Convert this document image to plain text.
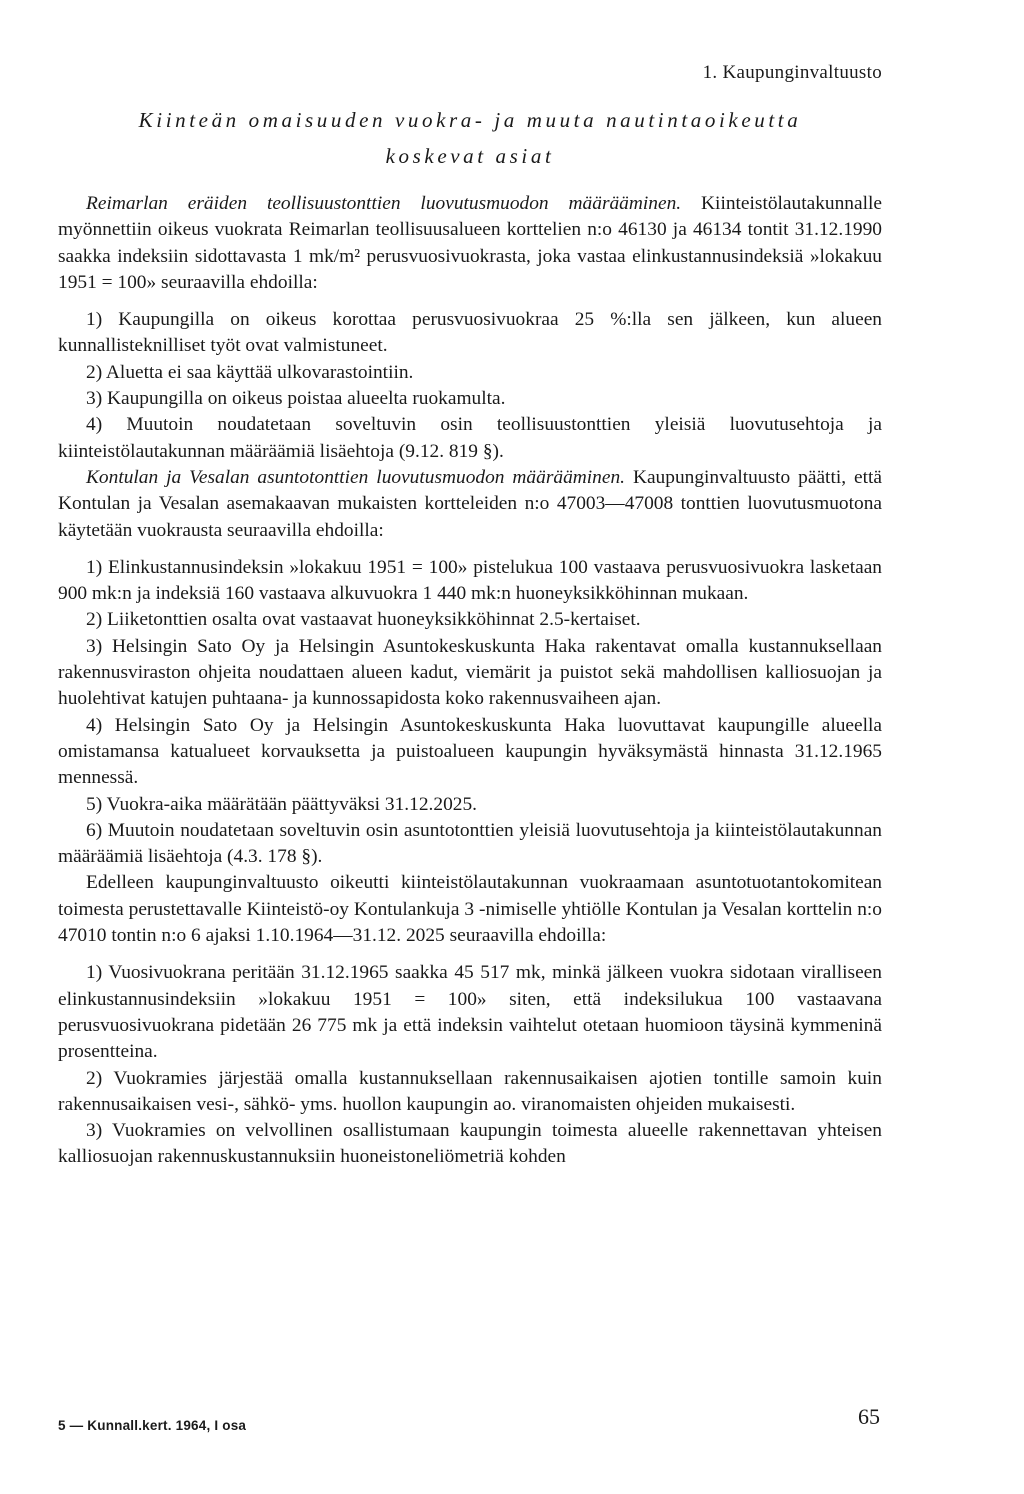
1. Kaupunginvaltuusto
Kiinteän omaisuuden vuokra- ja muuta nautintaoikeutta
koskevat asiat

Reimarlan eräiden teollisuustonttien luovutusmuodon määrääminen. Kiinteistölautakunnalle myönnettiin oikeus vuokrata Reimarlan teollisuusalueen korttelien n:o 46130 ja 46134 tontit 31.12.1990 saakka indeksiin sidottavasta 1 mk/m² perusvuosivuokrasta, joka vastaa elinkustannusindeksiä »lokakuu 1951 = 100» seuraavilla ehdoilla:

1) Kaupungilla on oikeus korottaa perusvuosivuokraa 25 %:lla sen jälkeen, kun alueen kunnallisteknilliset työt ovat valmistuneet.

2) Aluetta ei saa käyttää ulkovarastointiin.

3) Kaupungilla on oikeus poistaa alueelta ruokamulta.

4) Muutoin noudatetaan soveltuvin osin teollisuustonttien yleisiä luovutusehtoja ja kiinteistölautakunnan määräämiä lisäehtoja (9.12. 819 §).

Kontulan ja Vesalan asuntotonttien luovutusmuodon määrääminen. Kaupunginvaltuusto päätti, että Kontulan ja Vesalan asemakaavan mukaisten kortteleiden n:o 47003—47008 tonttien luovutusmuotona käytetään vuokrausta seuraavilla ehdoilla:

1) Elinkustannusindeksin »lokakuu 1951 = 100» pistelukua 100 vastaava perusvuosivuokra lasketaan 900 mk:n ja indeksiä 160 vastaava alkuvuokra 1 440 mk:n huoneyksikköhinnan mukaan.

2) Liiketonttien osalta ovat vastaavat huoneyksikköhinnat 2.5-kertaiset.

3) Helsingin Sato Oy ja Helsingin Asuntokeskuskunta Haka rakentavat omalla kustannuksellaan rakennusviraston ohjeita noudattaen alueen kadut, viemärit ja puistot sekä mahdollisen kalliosuojan ja huolehtivat katujen puhtaana- ja kunnossapidosta koko rakennusvaiheen ajan.

4) Helsingin Sato Oy ja Helsingin Asuntokeskuskunta Haka luovuttavat kaupungille alueella omistamansa katualueet korvauksetta ja puistoalueen kaupungin hyväksymästä hinnasta 31.12.1965 mennessä.

5) Vuokra-aika määrätään päättyväksi 31.12.2025.

6) Muutoin noudatetaan soveltuvin osin asuntotonttien yleisiä luovutusehtoja ja kiinteistölautakunnan määräämiä lisäehtoja (4.3. 178 §).

Edelleen kaupunginvaltuusto oikeutti kiinteistölautakunnan vuokraamaan asuntotuotantokomitean toimesta perustettavalle Kiinteistö-oy Kontulankuja 3 -nimiselle yhtiölle Kontulan ja Vesalan korttelin n:o 47010 tontin n:o 6 ajaksi 1.10.1964—31.12. 2025 seuraavilla ehdoilla:

1) Vuosivuokrana peritään 31.12.1965 saakka 45 517 mk, minkä jälkeen vuokra sidotaan viralliseen elinkustannusindeksiin »lokakuu 1951 = 100» siten, että indeksilukua 100 vastaavana perusvuosivuokrana pidetään 26 775 mk ja että indeksin vaihtelut otetaan huomioon täysinä kymmeninä prosentteina.

2) Vuokramies järjestää omalla kustannuksellaan rakennusaikaisen ajotien tontille samoin kuin rakennusaikaisen vesi-, sähkö- yms. huollon kaupungin ao. viranomaisten ohjeiden mukaisesti.

3) Vuokramies on velvollinen osallistumaan kaupungin toimesta alueelle rakennettavan yhteisen kalliosuojan rakennuskustannuksiin huoneistoneliömetriä kohden

5 — Kunnall.kert. 1964, I osa	65
